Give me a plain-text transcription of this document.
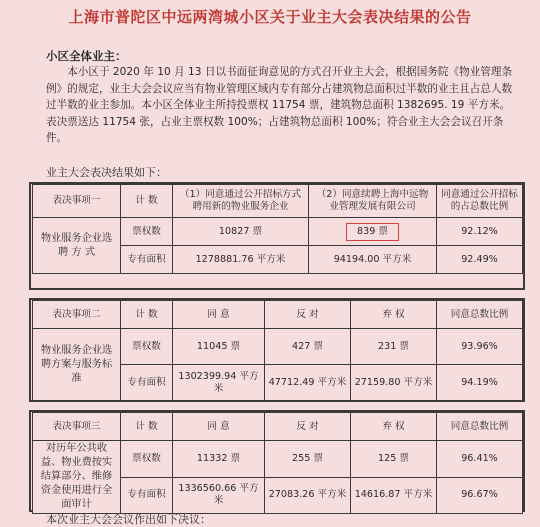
上海市普陀区中远两湾城小区关于业主大会表决结果的公告
小区全体业主：

本小区于 2020 年 10 月 13 日以书面征询意见的方式召开业主大会，根据国务院《物业管理条例》的规定，业主大会会议应当有物业管理区域内专有部分占建筑物总面积过半数的业主且占总人数过半数的业主参加。本小区全体业主所持投票权 11754 票，建筑物总面积 1382695. 19 平方米。表决票送达 11754 张，占业主票权数 100%；占建筑物总面积 100%；符合业主大会会议召开条件。

业主大会表决结果如下：
表决事项一	计 数	（1）同意通过公开招标方式聘用新的物业服务企业	（2）同意续聘上海中远物业管理发展有限公司	同意通过公开招标的占总数比例
物业服务企业选 聘 方 式	票权数	10827 票	839 票	92.12%
	专有面积	1278881.76 平方米	94194.00 平方米	92.49%
表决事项二	计 数	同 意	反 对	弃 权	同意总数比例
物业服务企业选聘方案与服务标准	票权数	11045 票	427 票	231 票	93.96%
	专有面积	1302399.94 平方米	47712.49 平方米	27159.80 平方米	94.19%
表决事项三	计 数	同 意	反 对	弃 权	同意总数比例
对历年公共收益、物业费按实结算部分、维修资金使用进行全面审计	票权数	11332 票	255 票	125 票	96.41%
	专有面积	1336560.66 平方米	27083.26 平方米	14616.87 平方米	96.67%
本次业主大会会议作出如下决议：
